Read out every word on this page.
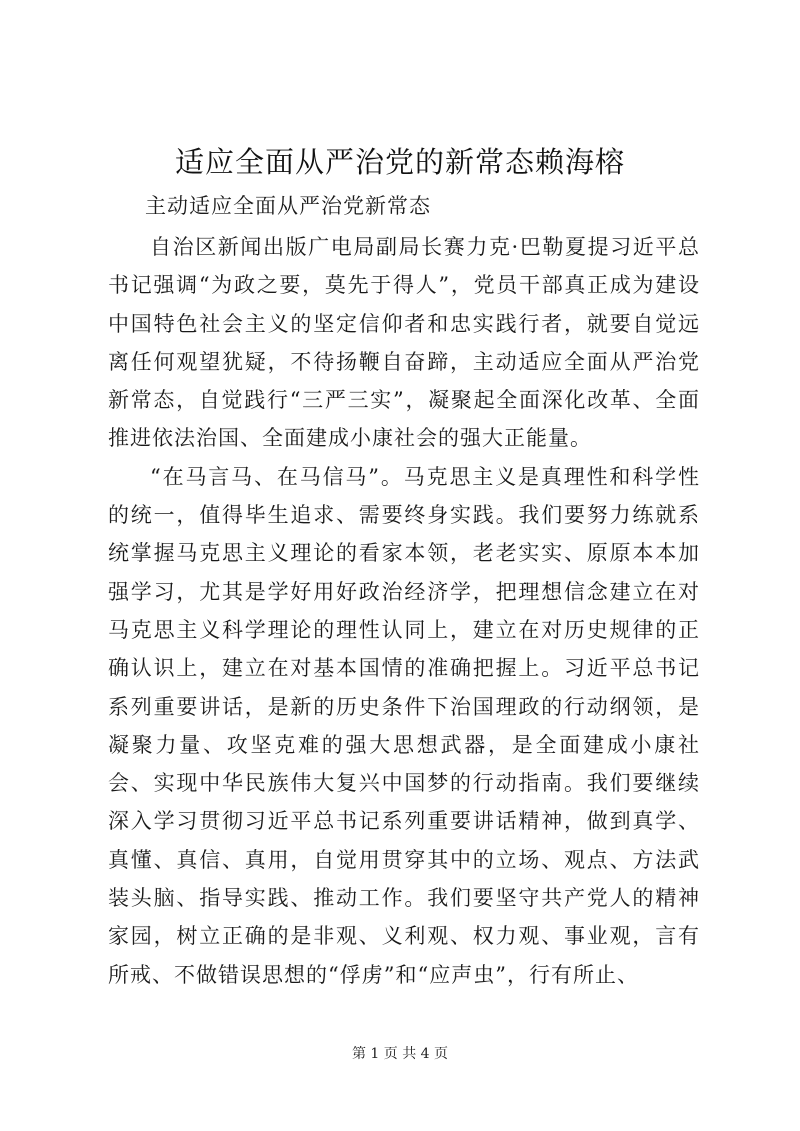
适应全面从严治党的新常态赖海榕
主动适应全面从严治党新常态

自治区新闻出版广电局副局长赛力克·巴勒夏提习近平总书记强调“为政之要，莫先于得人”，党员干部真正成为建设中国特色社会主义的坚定信仰者和忠实践行者，就要自觉远离任何观望犹疑，不待扬鞭自奋蹄，主动适应全面从严治党新常态，自觉践行“三严三实”，凝聚起全面深化改革、全面推进依法治国、全面建成小康社会的强大正能量。

“在马言马、在马信马”。马克思主义是真理性和科学性的统一，值得毕生追求、需要终身实践。我们要努力练就系统掌握马克思主义理论的看家本领，老老实实、原原本本加强学习，尤其是学好用好政治经济学，把理想信念建立在对马克思主义科学理论的理性认同上，建立在对历史规律的正确认识上，建立在对基本国情的准确把握上。习近平总书记系列重要讲话，是新的历史条件下治国理政的行动纲领，是凝聚力量、攻坚克难的强大思想武器，是全面建成小康社会、实现中华民族伟大复兴中国梦的行动指南。我们要继续深入学习贯彻习近平总书记系列重要讲话精神，做到真学、真懂、真信、真用，自觉用贯穿其中的立场、观点、方法武装头脑、指导实践、推动工作。我们要坚守共产党人的精神家园，树立正确的是非观、义利观、权力观、事业观，言有所戒、不做错误思想的“俘虏”和“应声虫”，行有所止、

第 1 页 共 4 页
